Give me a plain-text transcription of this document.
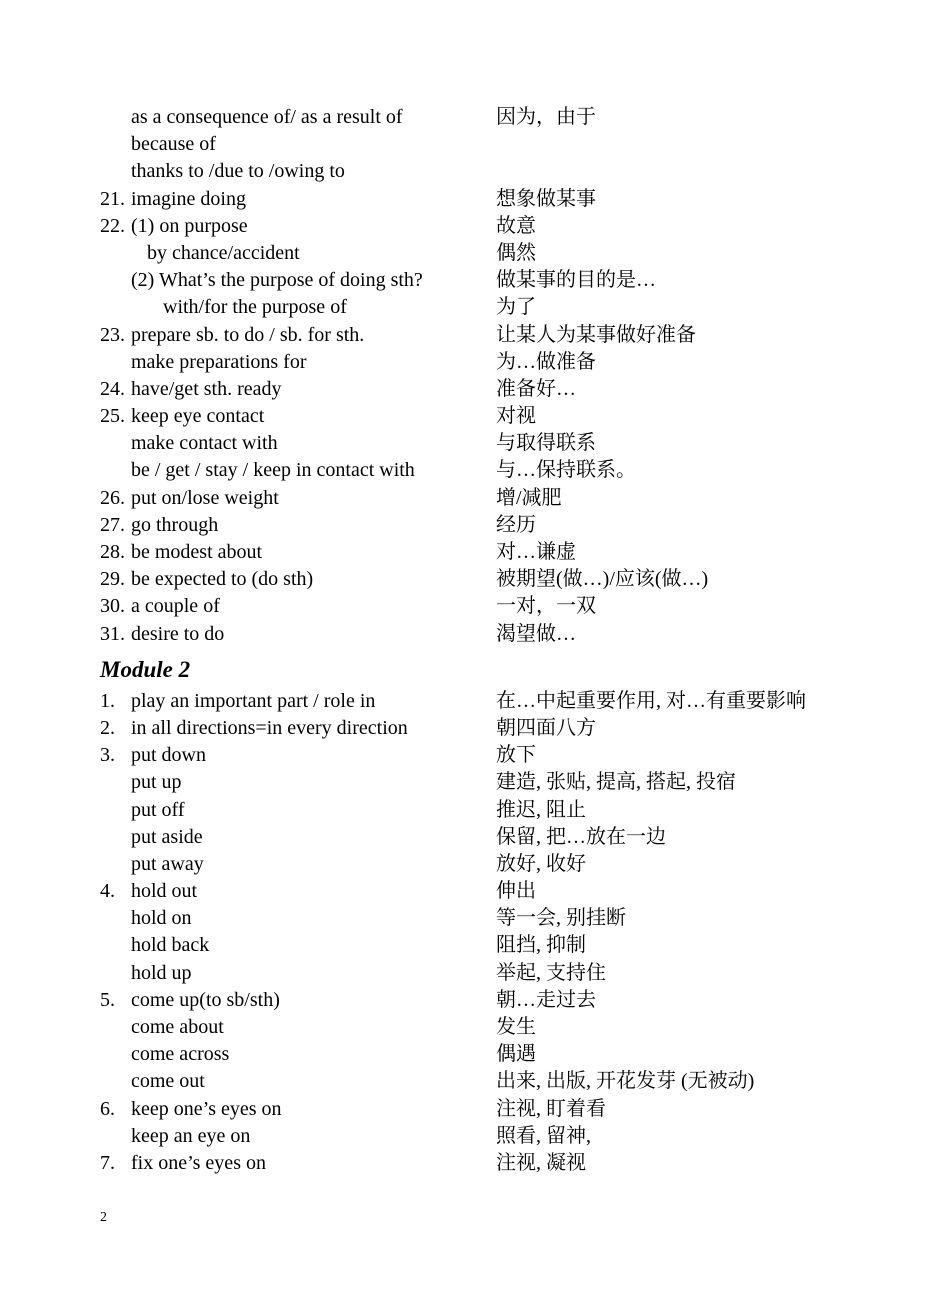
as a consequence of/ as a result of	因为，由于
because of
thanks to /due to /owing to
21. imagine doing	想象做某事
22. (1) on purpose	故意
by chance/accident	偶然
(2) What’s the purpose of doing sth?	做某事的目的是…
with/for the purpose of	为了
23. prepare sb. to do / sb. for sth.	让某人为某事做好准备
make preparations for	为…做准备
24. have/get sth. ready	准备好…
25. keep eye contact	对视
make contact with	与取得联系
be / get / stay / keep in contact with	与…保持联系。
26. put on/lose weight	增/减肥
27. go through	经历
28. be modest about	对…谦虚
29. be expected to (do sth)	被期望(做…)/应该(做…)
30. a couple of	一对，一双
31. desire to do	渴望做…
Module 2
1. play an important part / role in	在…中起重要作用, 对…有重要影响
2. in all directions=in every direction	朝四面八方
3. put down	放下
put up	建造, 张贴, 提高, 搭起, 投宿
put off	推迟, 阻止
put aside	保留, 把…放在一边
put away	放好, 收好
4. hold out	伸出
hold on	等一会, 别挂断
hold back	阻挡, 抑制
hold up	举起, 支持住
5. come up(to sb/sth)	朝…走过去
come about	发生
come across	偶遇
come out	出来, 出版, 开花发芽 (无被动)
6. keep one’s eyes on	注视, 盯着看
keep an eye on	照看, 留神,
7. fix one’s eyes on	注视, 凝视
2
